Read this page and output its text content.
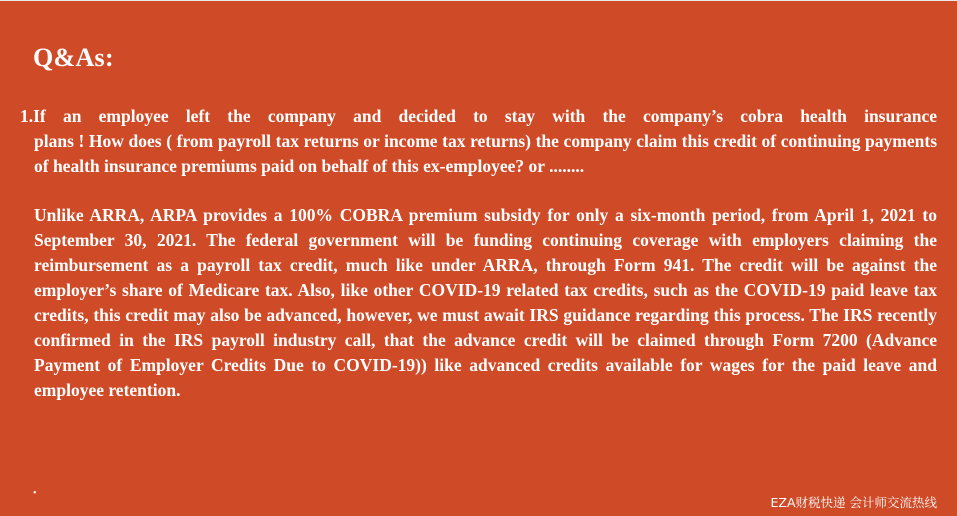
Q&As:
1.If an employee left the company and decided to stay with the company’s cobra health insurance
plans ! How does ( from payroll tax returns or income tax returns) the company claim this credit of continuing payments of health insurance premiums paid on behalf of this ex-employee? or ........
Unlike ARRA, ARPA provides a 100% COBRA premium subsidy for only a six-month period, from April 1, 2021 to September 30, 2021. The federal government will be funding continuing coverage with employers claiming the reimbursement as a payroll tax credit, much like under ARRA, through Form 941. The credit will be against the employer’s share of Medicare tax. Also, like other COVID-19 related tax credits, such as the COVID-19 paid leave tax credits, this credit may also be advanced, however, we must await IRS guidance regarding this process. The IRS recently confirmed in the IRS payroll industry call, that the advance credit will be claimed through Form 7200 (Advance Payment of Employer Credits Due to COVID-19)) like advanced credits available for wages for the paid leave and employee retention.
•
EZA财税快递 会计师交流热线
